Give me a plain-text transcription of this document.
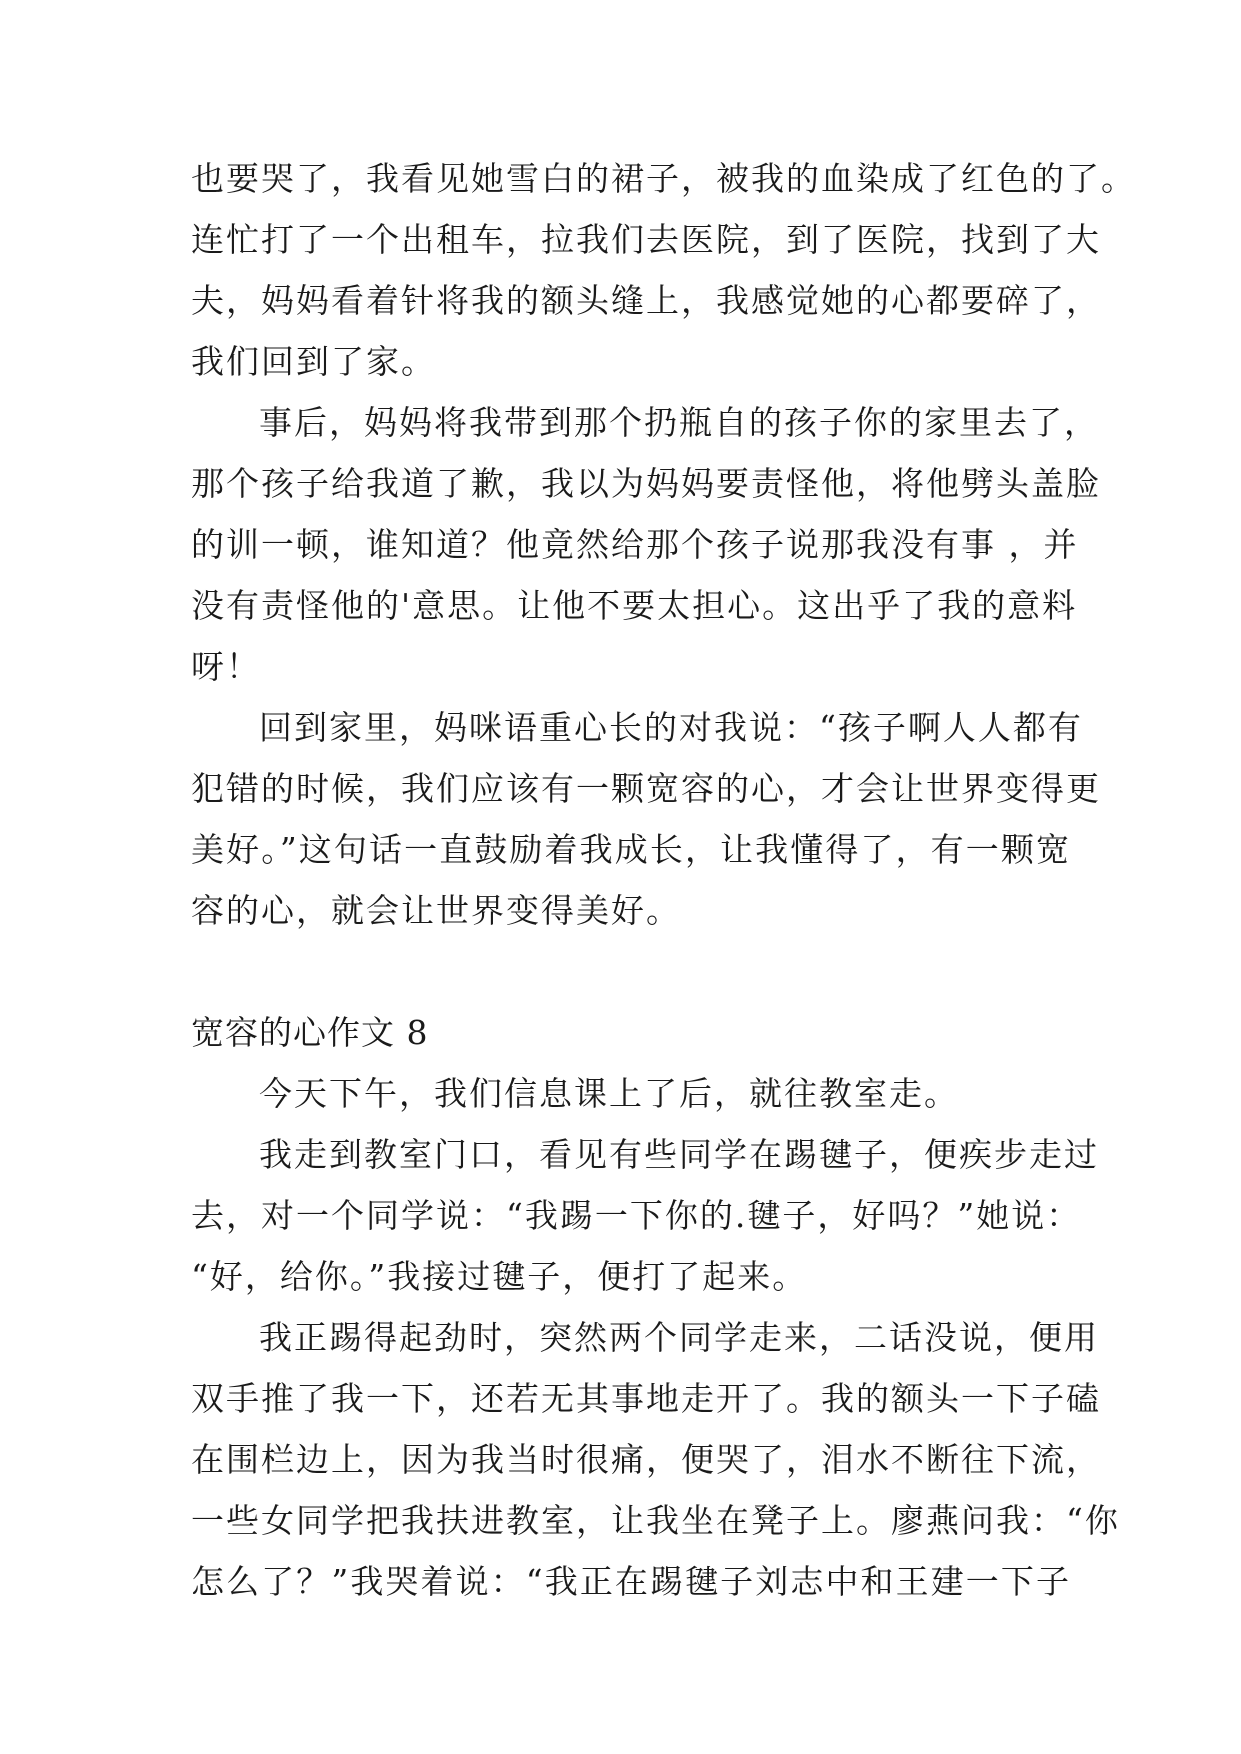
也要哭了，我看见她雪白的裙子，被我的血染成了红色的了。
连忙打了一个出租车，拉我们去医院，到了医院，找到了大
夫，妈妈看着针将我的额头缝上，我感觉她的心都要碎了，
我们回到了家。
事后，妈妈将我带到那个扔瓶自的孩子你的家里去了，
那个孩子给我道了歉，我以为妈妈要责怪他，将他劈头盖脸
的训一顿，谁知道？他竟然给那个孩子说那我没有事 ，并
没有责怪他的'意思。让他不要太担心。这出乎了我的意料
呀！
回到家里，妈咪语重心长的对我说：“孩子啊人人都有
犯错的时候，我们应该有一颗宽容的心，才会让世界变得更
美好。”这句话一直鼓励着我成长，让我懂得了，有一颗宽
容的心，就会让世界变得美好。
宽容的心作文 8
今天下午，我们信息课上了后，就往教室走。
我走到教室门口，看见有些同学在踢毽子，便疾步走过
去，对一个同学说：“我踢一下你的.毽子，好吗？”她说：
“好，给你。”我接过毽子，便打了起来。
我正踢得起劲时，突然两个同学走来，二话没说，便用
双手推了我一下，还若无其事地走开了。我的额头一下子磕
在围栏边上，因为我当时很痛，便哭了，泪水不断往下流，
一些女同学把我扶进教室，让我坐在凳子上。廖燕问我：“你
怎么了？”我哭着说：“我正在踢毽子刘志中和王建一下子
